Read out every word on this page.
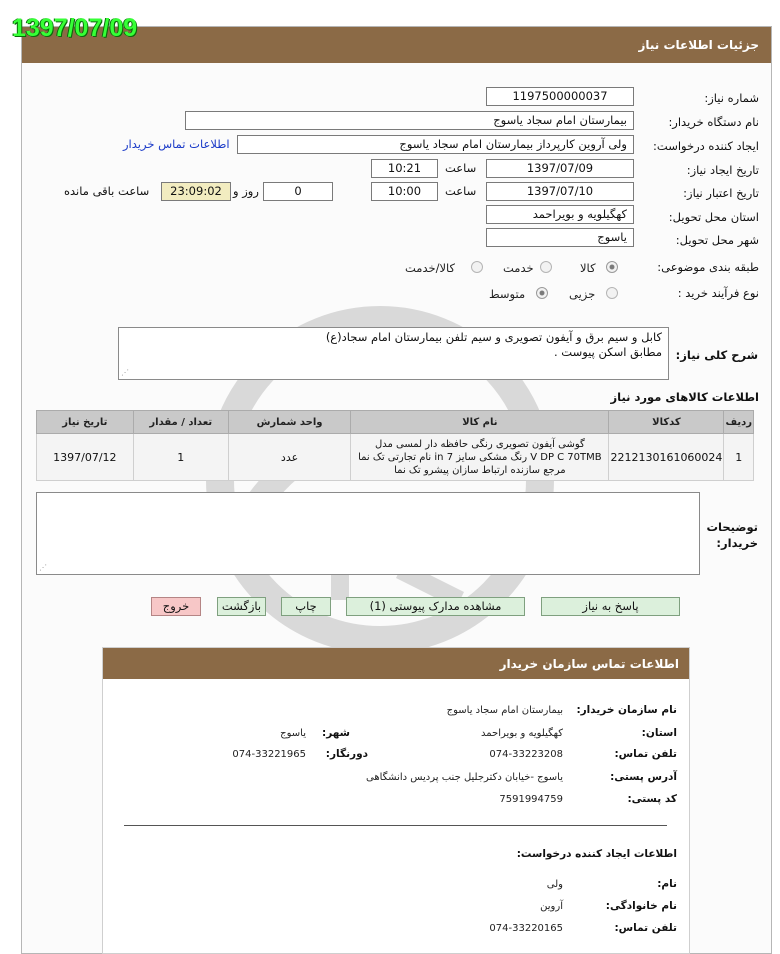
جزئیات اطلاعات نیاز
1397/07/09
شماره نیاز:
1197500000037
نام دستگاه خریدار:
بیمارستان امام سجاد یاسوج
ایجاد کننده درخواست:
ولی آروین کارپرداز بیمارستان امام سجاد یاسوج
اطلاعات تماس خریدار
تاریخ ایجاد نیاز:
1397/07/09
ساعت
10:21
تاریخ اعتبار نیاز:
1397/07/10
ساعت
10:00
0
روز و
23:09:02
ساعت باقی مانده
استان محل تحویل:
کهگیلویه و بویراحمد
شهر محل تحویل:
یاسوج
طبقه بندی موضوعی:
کالا
خدمت
کالا/خدمت
نوع فرآیند خرید :
جزیی
متوسط
شرح کلی نیاز:
کابل و سیم برق و آیفون تصویری و سیم تلفن بیمارستان امام سجاد(ع)
مطابق اسکن پیوست .
⋰
اطلاعات کالاهای مورد نیاز
ردیف	کدکالا	نام کالا	واحد شمارش	تعداد / مقدار	تاریخ نیاز
1	2212130161060024	گوشی آیفون تصویری رنگی حافظه دار لمسی مدل
V DP C 70TMB رنگ مشکی سایز in 7 نام تجارتی تک نما
مرجع سازنده ارتباط سازان پیشرو تک نما	عدد	1	1397/07/12
توضیحات
خریدار:
⋰
پاسخ به نیاز
مشاهده مدارک پیوستی (1)
چاپ
بازگشت
خروج
اطلاعات تماس سازمان خریدار
نام سازمان خریدار:
بیمارستان امام سجاد یاسوج
استان:
کهگیلویه و بویراحمد
شهر:
یاسوج
تلفن تماس:
074-33223208
دورنگار:
074-33221965
آدرس پستی:
یاسوج -خیابان دکترجلیل جنب پردیس دانشگاهی
کد پستی:
7591994759
اطلاعات ایجاد کننده درخواست:
نام:
ولی
نام خانوادگی:
آروین
تلفن تماس:
074-33220165
